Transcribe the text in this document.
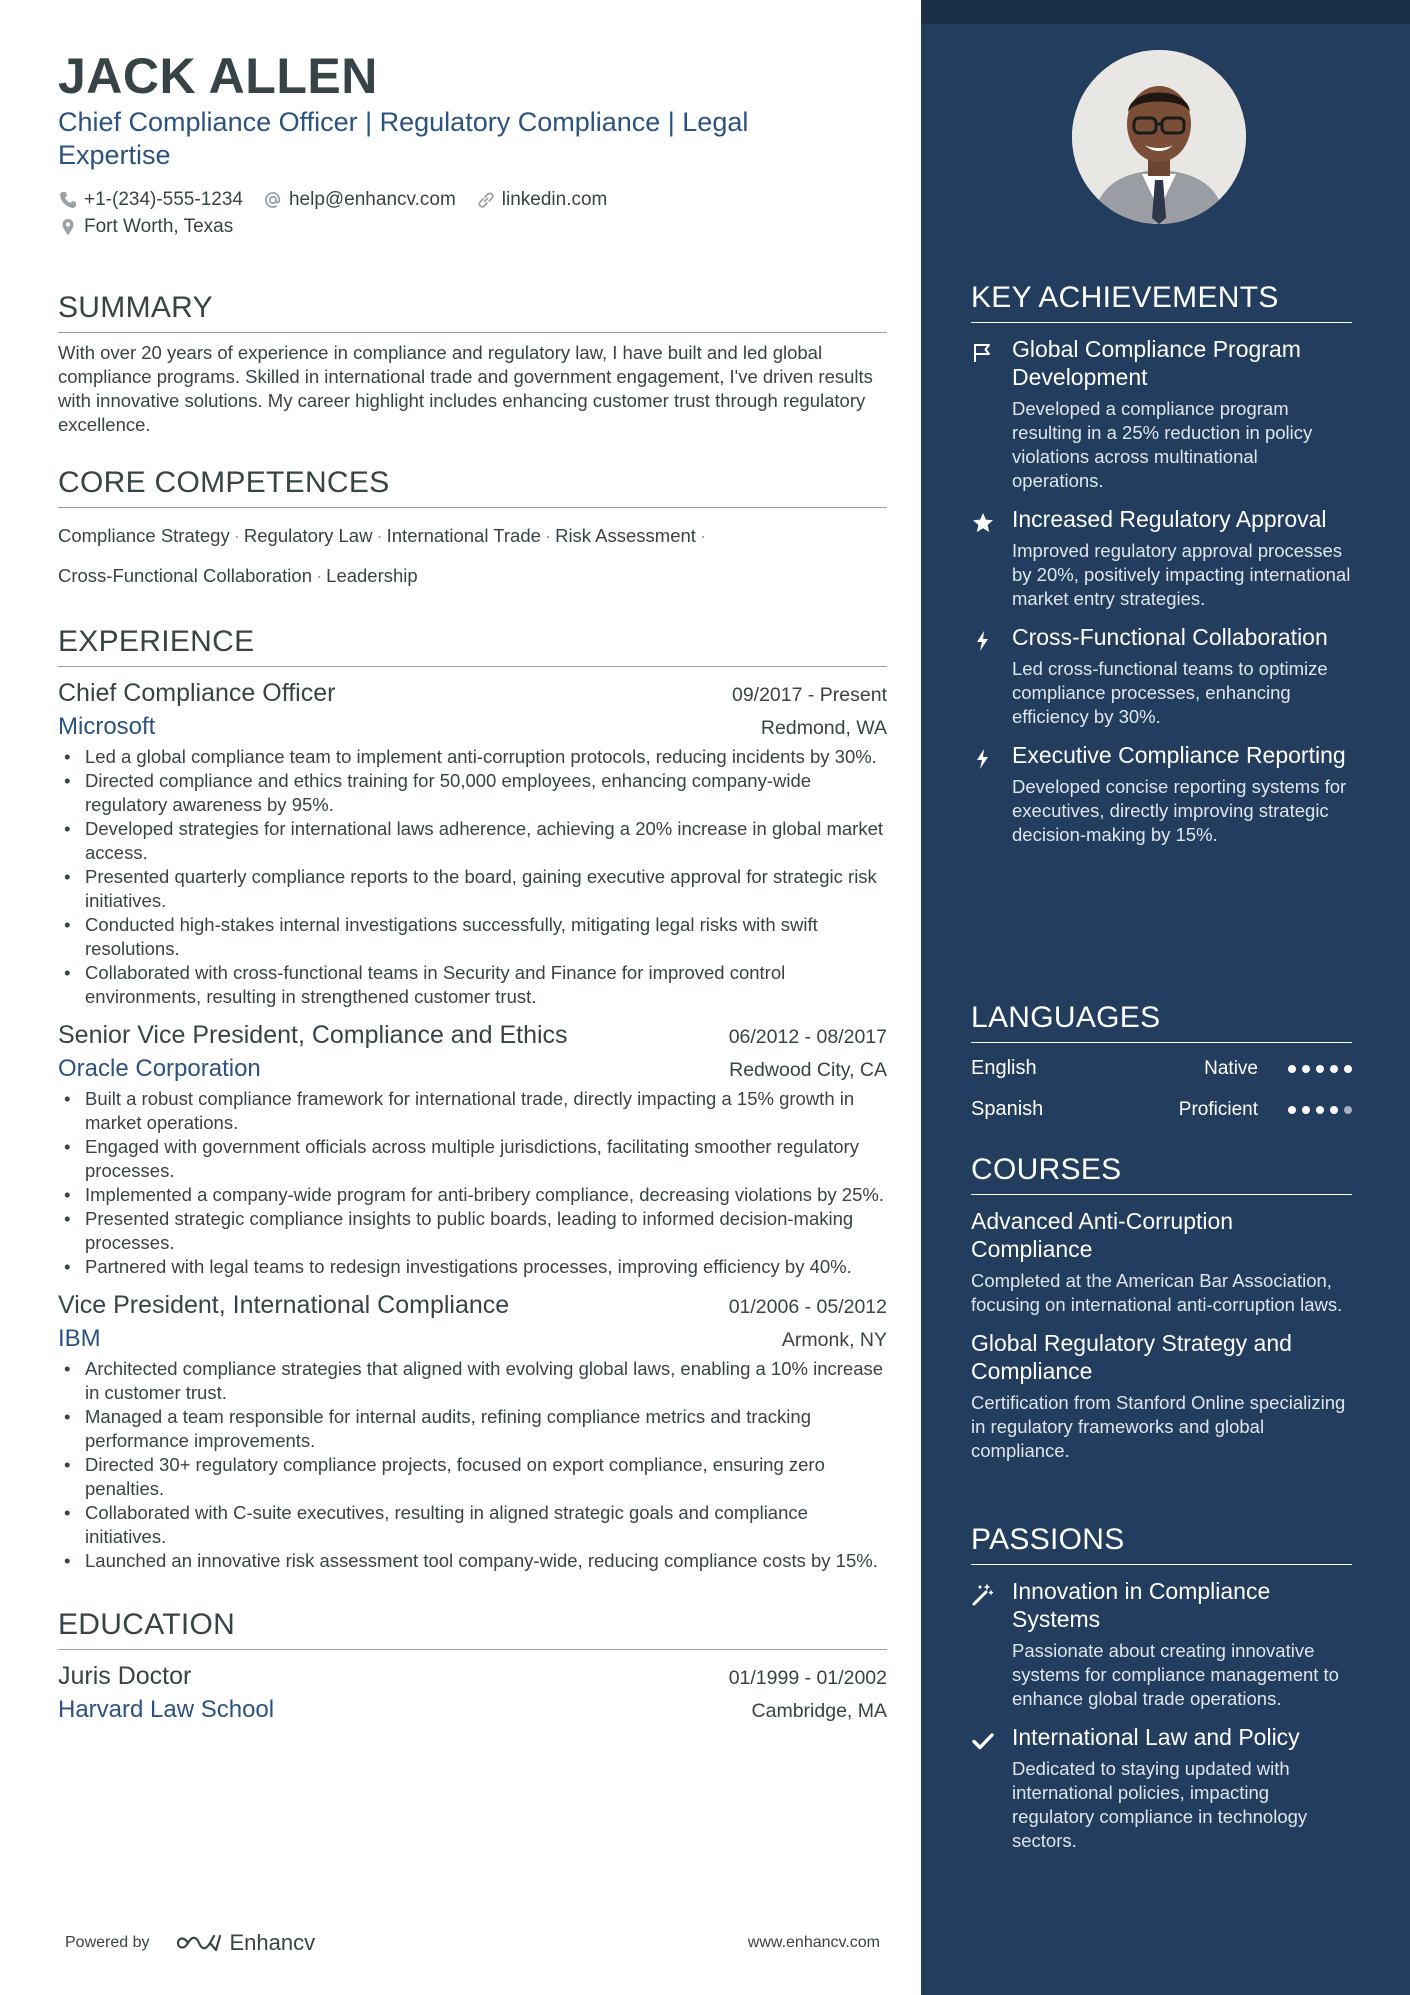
JACK ALLEN
Chief Compliance Officer | Regulatory Compliance | Legal Expertise
+1-(234)-555-1234 help@enhancv.com linkedin.com
Fort Worth, Texas
SUMMARY
With over 20 years of experience in compliance and regulatory law, I have built and led global compliance programs. Skilled in international trade and government engagement, I've driven results with innovative solutions. My career highlight includes enhancing customer trust through regulatory excellence.
CORE COMPETENCES
Compliance Strategy · Regulatory Law · International Trade · Risk Assessment ·
Cross-Functional Collaboration · Leadership
EXPERIENCE
Chief Compliance Officer	09/2017 - Present
Microsoft	Redmond, WA
• Led a global compliance team to implement anti-corruption protocols, reducing incidents by 30%.
• Directed compliance and ethics training for 50,000 employees, enhancing company-wide regulatory awareness by 95%.
• Developed strategies for international laws adherence, achieving a 20% increase in global market access.
• Presented quarterly compliance reports to the board, gaining executive approval for strategic risk initiatives.
• Conducted high-stakes internal investigations successfully, mitigating legal risks with swift resolutions.
• Collaborated with cross-functional teams in Security and Finance for improved control environments, resulting in strengthened customer trust.
Senior Vice President, Compliance and Ethics	06/2012 - 08/2017
Oracle Corporation	Redwood City, CA
• Built a robust compliance framework for international trade, directly impacting a 15% growth in market operations.
• Engaged with government officials across multiple jurisdictions, facilitating smoother regulatory processes.
• Implemented a company-wide program for anti-bribery compliance, decreasing violations by 25%.
• Presented strategic compliance insights to public boards, leading to informed decision-making processes.
• Partnered with legal teams to redesign investigations processes, improving efficiency by 40%.
Vice President, International Compliance	01/2006 - 05/2012
IBM	Armonk, NY
• Architected compliance strategies that aligned with evolving global laws, enabling a 10% increase in customer trust.
• Managed a team responsible for internal audits, refining compliance metrics and tracking performance improvements.
• Directed 30+ regulatory compliance projects, focused on export compliance, ensuring zero penalties.
• Collaborated with C-suite executives, resulting in aligned strategic goals and compliance initiatives.
• Launched an innovative risk assessment tool company-wide, reducing compliance costs by 15%.
EDUCATION
Juris Doctor	01/1999 - 01/2002
Harvard Law School	Cambridge, MA
Powered by	Enhancv	www.enhancv.com
KEY ACHIEVEMENTS
Global Compliance Program Development
Developed a compliance program resulting in a 25% reduction in policy violations across multinational operations.
Increased Regulatory Approval
Improved regulatory approval processes by 20%, positively impacting international market entry strategies.
Cross-Functional Collaboration
Led cross-functional teams to optimize compliance processes, enhancing efficiency by 30%.
Executive Compliance Reporting
Developed concise reporting systems for executives, directly improving strategic decision-making by 15%.
LANGUAGES
English	Native
Spanish	Proficient
COURSES
Advanced Anti-Corruption Compliance
Completed at the American Bar Association, focusing on international anti-corruption laws.
Global Regulatory Strategy and Compliance
Certification from Stanford Online specializing in regulatory frameworks and global compliance.
PASSIONS
Innovation in Compliance Systems
Passionate about creating innovative systems for compliance management to enhance global trade operations.
International Law and Policy
Dedicated to staying updated with international policies, impacting regulatory compliance in technology sectors.
